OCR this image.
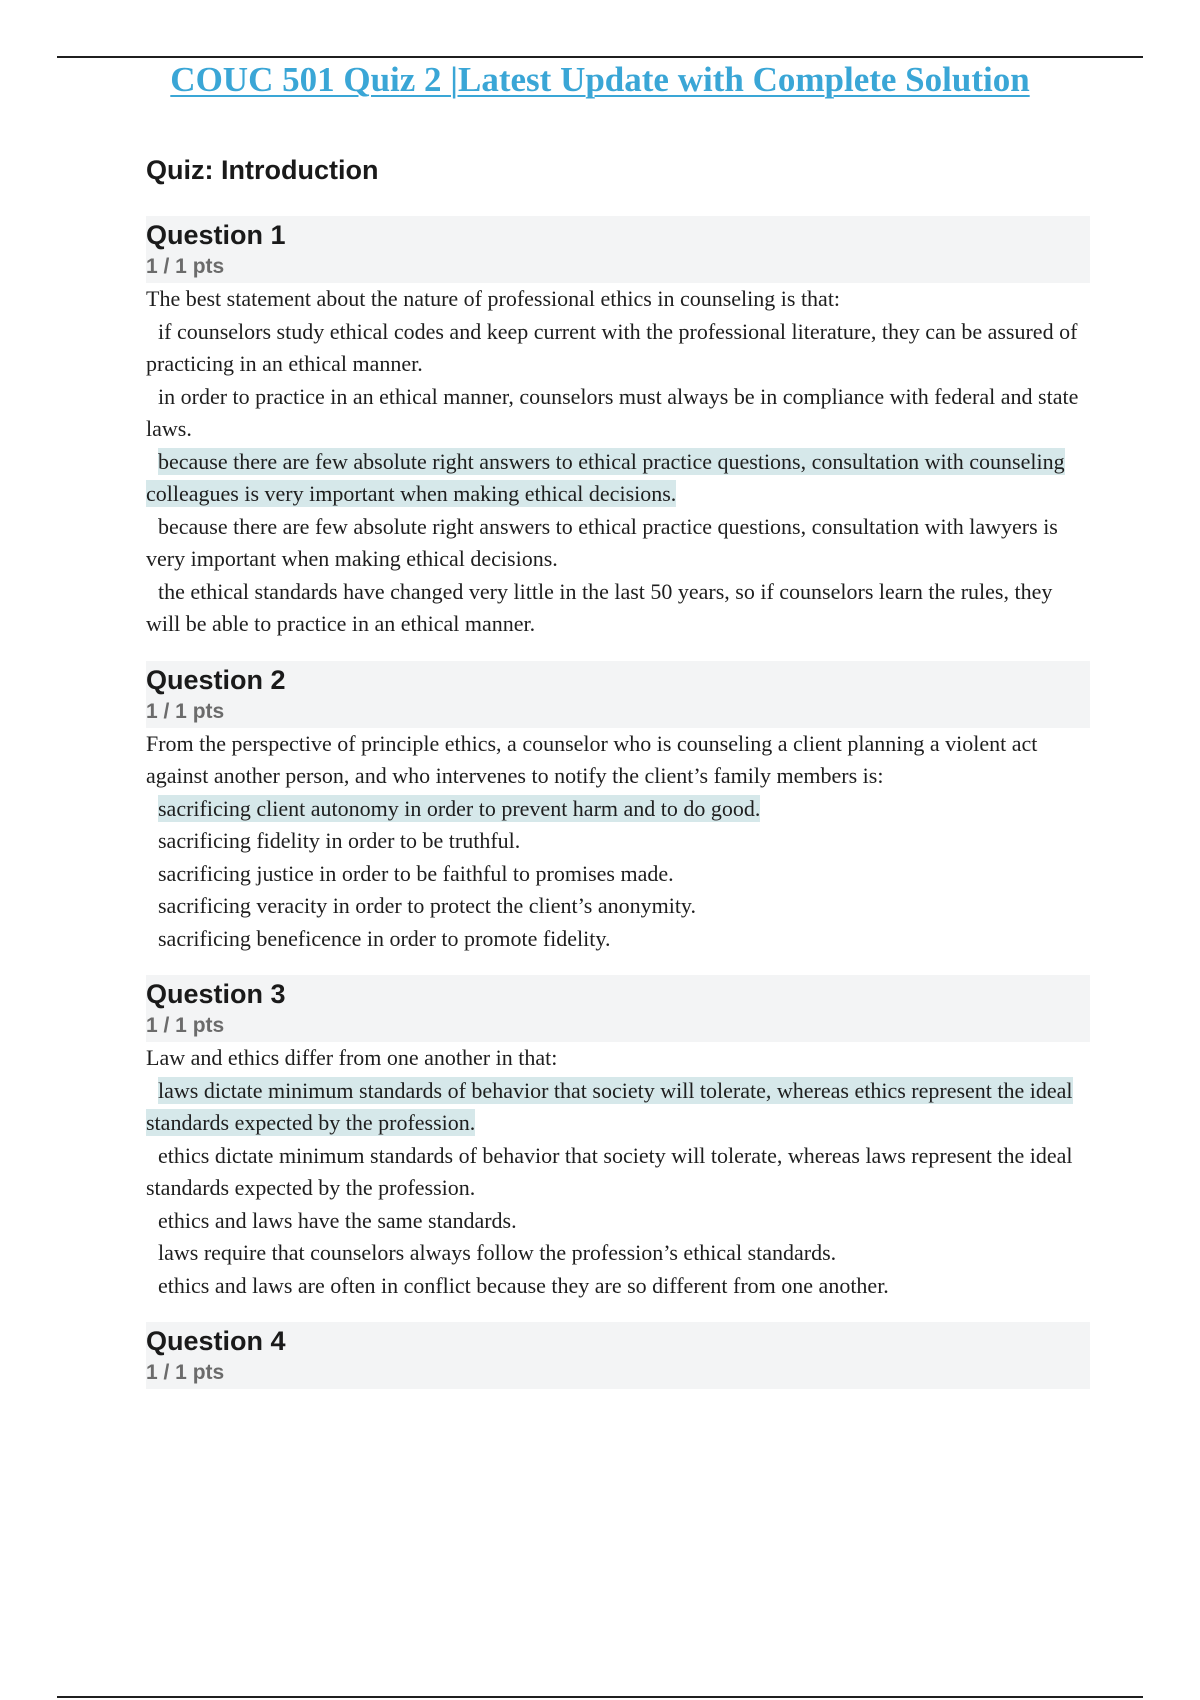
COUC 501 Quiz 2 |Latest Update with Complete Solution
Quiz: Introduction
Question 1
1 / 1 pts
The best statement about the nature of professional ethics in counseling is that:
if counselors study ethical codes and keep current with the professional literature, they can be assured of practicing in an ethical manner.
in order to practice in an ethical manner, counselors must always be in compliance with federal and state laws.
because there are few absolute right answers to ethical practice questions, consultation with counseling colleagues is very important when making ethical decisions.
because there are few absolute right answers to ethical practice questions, consultation with lawyers is very important when making ethical decisions.
the ethical standards have changed very little in the last 50 years, so if counselors learn the rules, they will be able to practice in an ethical manner.
Question 2
1 / 1 pts
From the perspective of principle ethics, a counselor who is counseling a client planning a violent act against another person, and who intervenes to notify the client’s family members is:
sacrificing client autonomy in order to prevent harm and to do good.
sacrificing fidelity in order to be truthful.
sacrificing justice in order to be faithful to promises made.
sacrificing veracity in order to protect the client’s anonymity.
sacrificing beneficence in order to promote fidelity.
Question 3
1 / 1 pts
Law and ethics differ from one another in that:
laws dictate minimum standards of behavior that society will tolerate, whereas ethics represent the ideal standards expected by the profession.
ethics dictate minimum standards of behavior that society will tolerate, whereas laws represent the ideal standards expected by the profession.
ethics and laws have the same standards.
laws require that counselors always follow the profession’s ethical standards.
ethics and laws are often in conflict because they are so different from one another.
Question 4
1 / 1 pts
